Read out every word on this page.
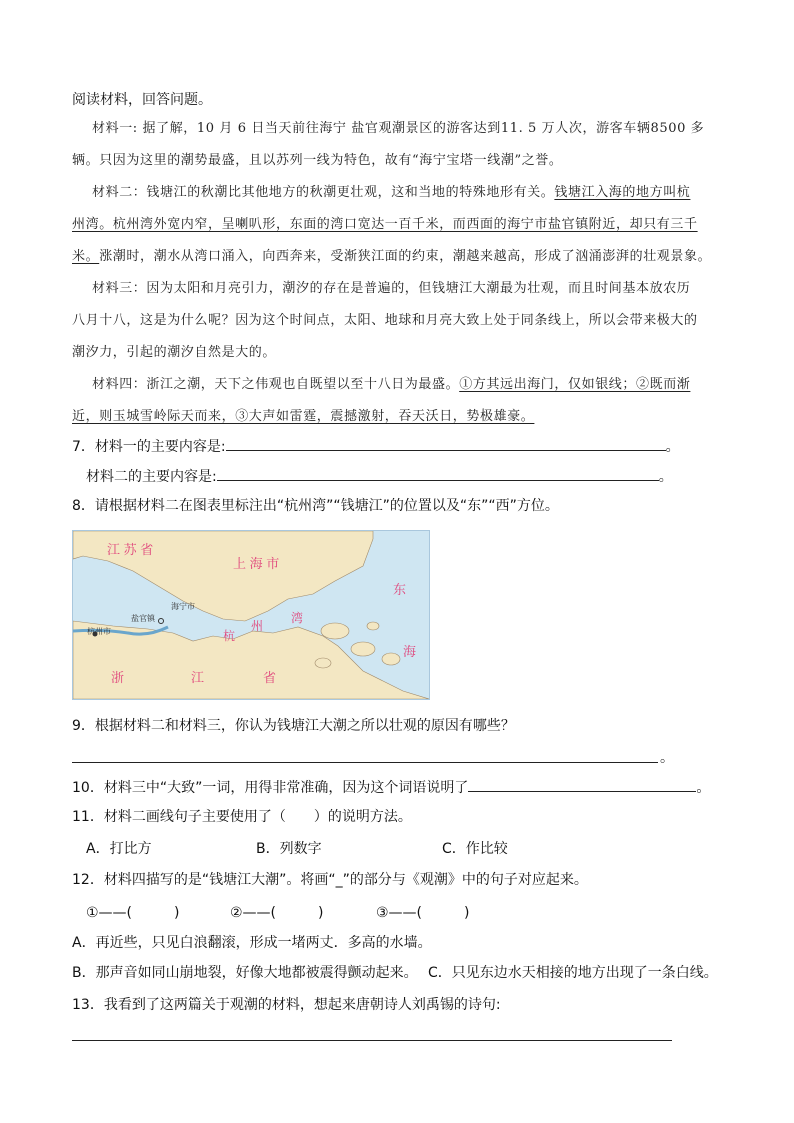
阅读材料，回答问题。
材料一: 据了解，10 月 6 日当天前往海宁 盐官观潮景区的游客达到11. 5 万人次，游客车辆8500 多
辆。只因为这里的潮势最盛，且以苏列一线为特色，故有“海宁宝塔一线潮”之誉。
材料二：钱塘江的秋潮比其他地方的秋潮更壮观，这和当地的特殊地形有关。钱塘江入海的地方叫杭
州湾。杭州湾外宽内窄，呈喇叭形，东面的湾口宽达一百千米，而西面的海宁市盐官镇附近，却只有三千
米。涨潮时，潮水从湾口涌入，向西奔来，受渐狭江面的约束，潮越来越高，形成了汹涌澎湃的壮观景象。
材料三：因为太阳和月亮引力，潮汐的存在是普遍的，但钱塘江大潮最为壮观，而且时间基本放农历
八月十八，这是为什么呢？因为这个时间点，太阳、地球和月亮大致上处于同条线上，所以会带来极大的
潮汐力，引起的潮汐自然是大的。
材料四：浙江之潮，天下之伟观也自既望以至十八日为最盛。①方其远出海门，仅如银线；②既而渐
近，则玉城雪岭际天而来，③大声如雷霆，震撼激射，吞天沃日，势极雄豪。
7．材料一的主要内容是:	。
材料二的主要内容是:	。
8．请根据材料二在图表里标注出“杭州湾”“钱塘江”的位置以及“东”“西”方位。
江 苏 省
上 海 市
东
海
杭
州
湾
海宁市
盐官镇
杭州市
浙	江	省
9．根据材料二和材料三，你认为钱塘江大潮之所以壮观的原因有哪些？
。
10．材料三中“大致”一词，用得非常准确，因为这个词语说明了	。
11．材料二画线句子主要使用了（　　）的说明方法。
A．打比方	B．列数字	C．作比较
12．材料四描写的是“钱塘江大潮”。将画“_”的部分与《观潮》中的句子对应起来。
①——(　　　)	②——(　　　)	③——(　　　)
A．再近些，只见白浪翻滚，形成一堵两丈．多高的水墙。
B．那声音如同山崩地裂，好像大地都被震得颤动起来。 C．只见东边水天相接的地方出现了一条白线。
13．我看到了这两篇关于观潮的材料，想起来唐朝诗人刘禹锡的诗句:
